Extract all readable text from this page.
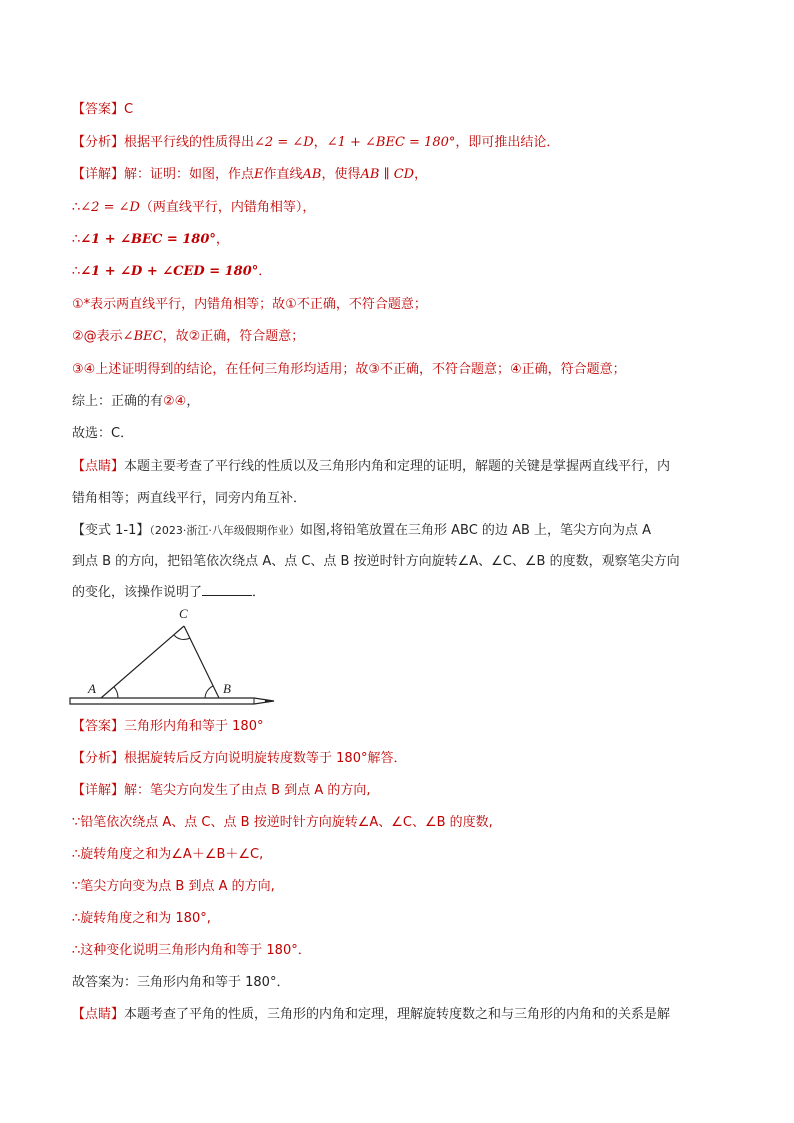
【答案】C
【分析】根据平行线的性质得出∠2 = ∠D，∠1 + ∠BEC = 180°，即可推出结论．
【详解】解：证明：如图，作点E作直线AB，使得AB ∥ CD，
∴∠2 = ∠D（两直线平行，内错角相等），
∴∠1 + ∠BEC = 180°，
∴∠1 + ∠D + ∠CED = 180°．
①*表示两直线平行，内错角相等；故①不正确，不符合题意；
②@表示∠BEC，故②正确，符合题意；
③④上述证明得到的结论，在任何三角形均适用；故③不正确，不符合题意；④正确，符合题意；
综上：正确的有②④，
故选：C．
【点睛】本题主要考查了平行线的性质以及三角形内角和定理的证明，解题的关键是掌握两直线平行，内
错角相等；两直线平行，同旁内角互补．
【变式 1-1】（2023·浙江·八年级假期作业）如图,将铅笔放置在三角形 ABC 的边 AB 上，笔尖方向为点 A
到点 B 的方向，把铅笔依次绕点 A、点 C、点 B 按逆时针方向旋转∠A、∠C、∠B 的度数，观察笔尖方向
的变化，该操作说明了	．
A	B
C
【答案】三角形内角和等于 180°
【分析】根据旋转后反方向说明旋转度数等于 180°解答．
【详解】解：笔尖方向发生了由点 B 到点 A 的方向,
∵铅笔依次绕点 A、点 C、点 B 按逆时针方向旋转∠A、∠C、∠B 的度数,
∴旋转角度之和为∠A＋∠B＋∠C,
∵笔尖方向变为点 B 到点 A 的方向,
∴旋转角度之和为 180°,
∴这种变化说明三角形内角和等于 180°．
故答案为：三角形内角和等于 180°．
【点睛】本题考查了平角的性质，三角形的内角和定理，理解旋转度数之和与三角形的内角和的关系是解
